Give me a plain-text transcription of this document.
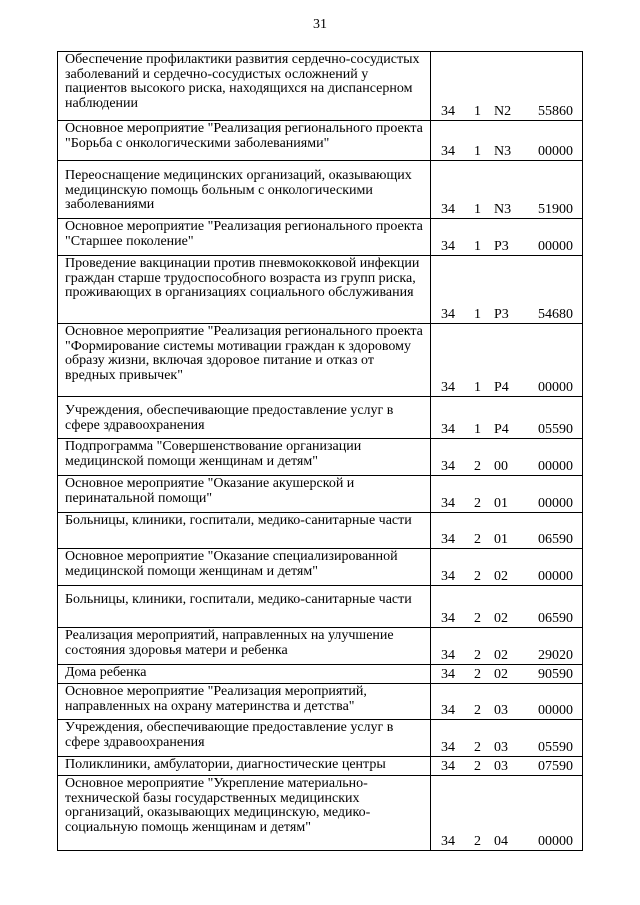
31
Обеспечение профилактики развития сердечно-сосудистых заболеваний и сердечно-сосудистых осложнений у пациентов высокого риска, находящихся на диспансерном наблюдении	34 1 N2 55860

Основное мероприятие "Реализация регионального проекта "Борьба с онкологическими заболеваниями"	34 1 N3 00000

Переоснащение медицинских организаций, оказывающих медицинскую помощь больным с онкологическими заболеваниями	34 1 N3 51900

Основное мероприятие "Реализация регионального проекта "Старшее поколение"	34 1 P3 00000

Проведение вакцинации против пневмококковой инфекции граждан старше трудоспособного возраста из групп риска, проживающих в организациях социального обслуживания	34 1 P3 54680

Основное мероприятие "Реализация регионального проекта "Формирование системы мотивации граждан к здоровому образу жизни, включая здоровое питание и отказ от вредных привычек"	34 1 P4 00000

Учреждения, обеспечивающие предоставление услуг в сфере здравоохранения	34 1 P4 05590

Подпрограмма "Совершенствование организации медицинской помощи женщинам и детям"	34 2 00 00000

Основное мероприятие "Оказание акушерской и перинатальной помощи"	34 2 01 00000

Больницы, клиники, госпитали, медико-санитарные части	34 2 01 06590

Основное мероприятие "Оказание специализированной медицинской помощи женщинам и детям"	34 2 02 00000

Больницы, клиники, госпитали, медико-санитарные части	34 2 02 06590

Реализация мероприятий, направленных на улучшение состояния здоровья матери и ребенка	34 2 02 29020

Дома ребенка	34 2 02 90590

Основное мероприятие "Реализация мероприятий, направленных на охрану материнства и детства"	34 2 03 00000

Учреждения, обеспечивающие предоставление услуг в сфере здравоохранения	34 2 03 05590

Поликлиники, амбулатории, диагностические центры	34 2 03 07590

Основное мероприятие "Укрепление материально-технической базы государственных медицинских организаций, оказывающих медицинскую, медико-социальную помощь женщинам и детям"	34 2 04 00000
